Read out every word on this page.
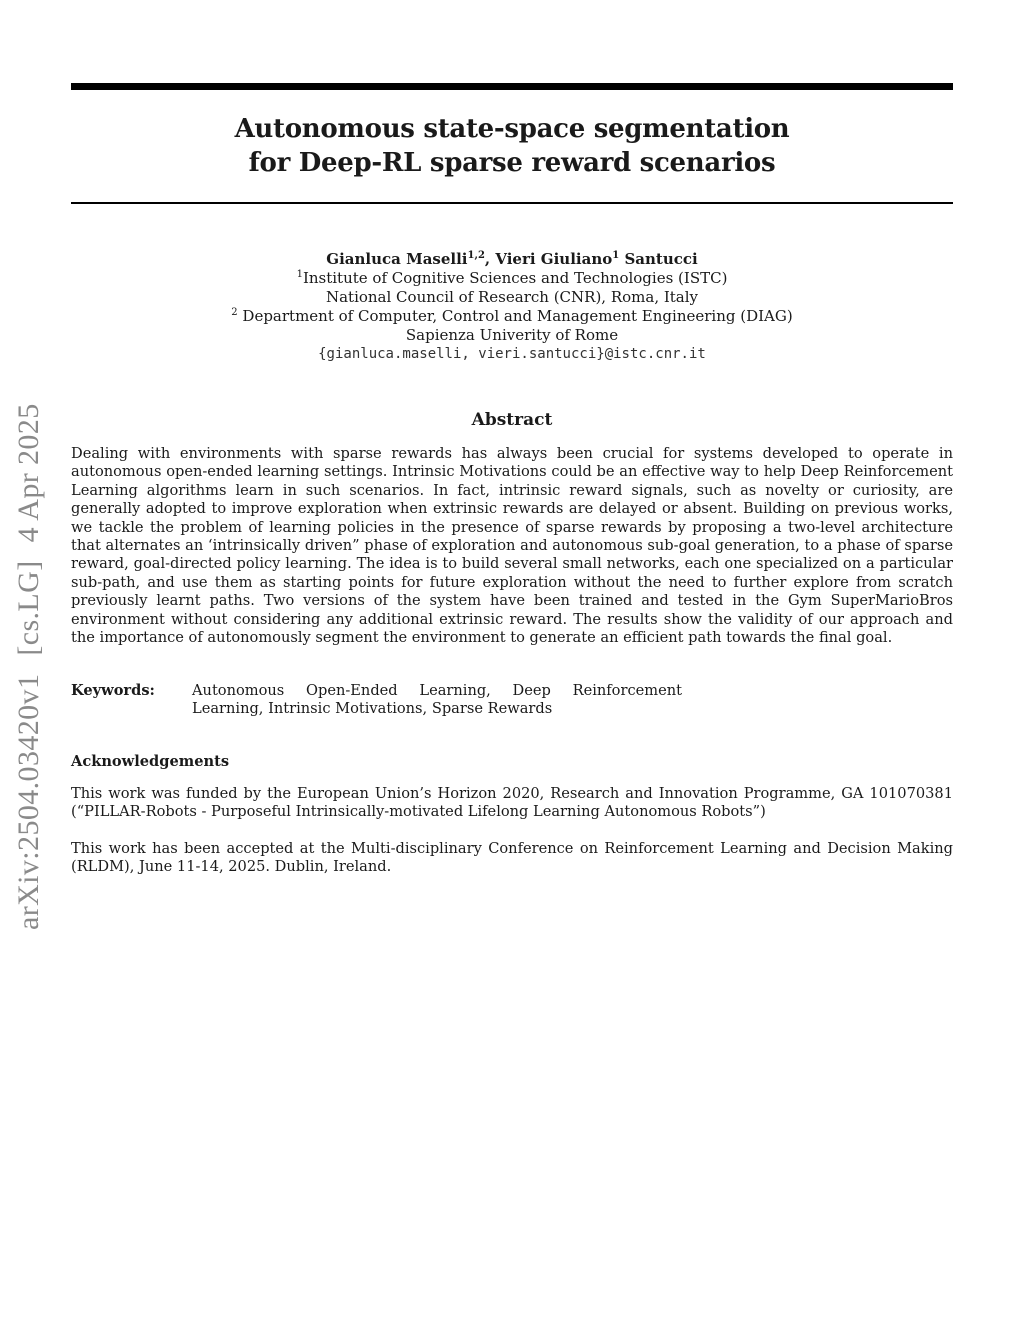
Autonomous state-space segmentation
for Deep-RL sparse reward scenarios
Gianluca Maselli$^{1,2}$, Vieri Giuliano$^1$ Santucci
$^1$Institute of Cognitive Sciences and Technologies (ISTC)
National Council of Research (CNR), Roma, Italy
$^2$ Department of Computer, Control and Management Engineering (DIAG)
Sapienza Univerity of Rome
{gianluca.maselli, vieri.santucci}@istc.cnr.it
Abstract

Dealing with environments with sparse rewards has always been crucial for systems developed to operate in autonomous open-ended learning settings. Intrinsic Motivations could be an effective way to help Deep Reinforcement Learning algorithms learn in such scenarios. In fact, intrinsic reward signals, such as novelty or curiosity, are generally adopted to improve exploration when extrinsic rewards are delayed or absent. Building on previous works, we tackle the problem of learning policies in the presence of sparse rewards by proposing a two-level architecture that alternates an ‘intrinsically driven” phase of exploration and autonomous sub-goal generation, to a phase of sparse reward, goal-directed policy learning. The idea is to build several small networks, each one specialized on a particular sub-path, and use them as starting points for future exploration without the need to further explore from scratch previously learnt paths. Two versions of the system have been trained and tested in the Gym SuperMarioBros environment without considering any additional extrinsic reward. The results show the validity of our approach and the importance of autonomously segment the environment to generate an efficient path towards the final goal.

Keywords:	Autonomous Open-Ended Learning, Deep Reinforcement Learning, Intrinsic Motivations, Sparse Rewards
Acknowledgements

This work was funded by the European Union’s Horizon 2020, Research and Innovation Programme, GA 101070381 (“PILLAR-Robots - Purposeful Intrinsically-motivated Lifelong Learning Autonomous Robots”)

This work has been accepted at the Multi-disciplinary Conference on Reinforcement Learning and Decision Making (RLDM), June 11-14, 2025. Dublin, Ireland.

arXiv:2504.03420v1[cs.LG]4 Apr 2025
